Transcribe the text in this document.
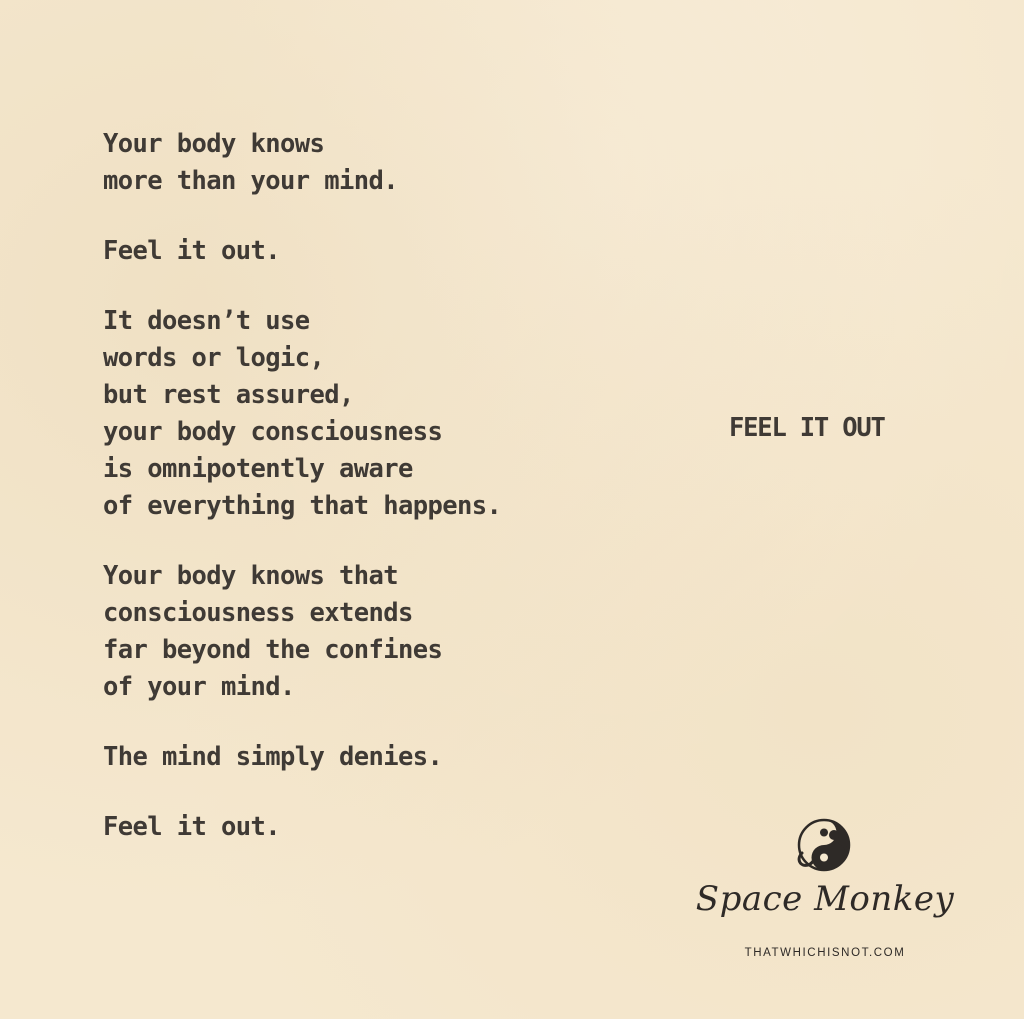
Your body knows
more than your mind.
Feel it out.
It doesn’t use
words or logic,
but rest assured,
your body consciousness
is omnipotently aware
of everything that happens.
Your body knows that
consciousness extends
far beyond the confines
of your mind.
The mind simply denies.
Feel it out.
FEEL IT OUT
Space Monkey
THATWHICHISNOT.COM
